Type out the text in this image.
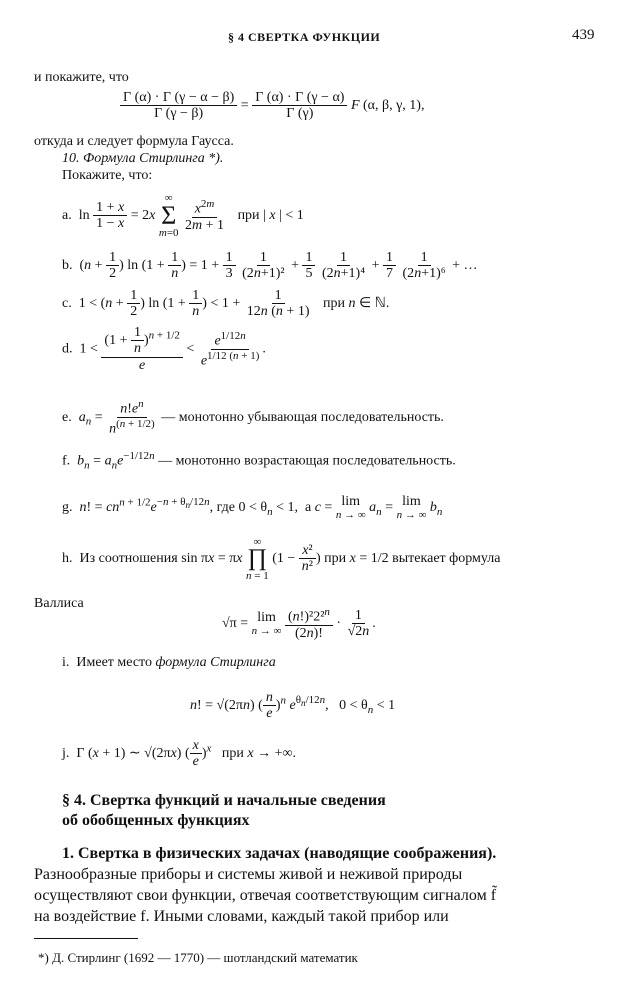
§ 4 СВЕРТКА ФУНКЦИИ	439
и покажите, что
$\frac{\Gamma (\alpha) \cdot \Gamma (\gamma - \alpha - \beta)}{\Gamma (\gamma - \beta)} = \frac{\Gamma (\alpha) \cdot \Gamma (\gamma - \alpha)}{\Gamma (\gamma)}$ F (α, β, γ, 1),
откуда и следует формула Гаусса.
10. Формула Стирлинга *).
Покажите, что:
a.  $\ln \frac{1 + x}{1 - x} = 2x$
∞
Σ
m=0
$\frac{x^{2m}}{2m + 1}$ при | x | < 1
b.  ($n + \frac{1}{2}$ ) $\ln (1 + \frac{1}{n}$ ) = $1 + \frac{1}{3}$
$\frac{1}{\text{(2n+1)²}} + \frac{1}{5}$
$\frac{1}{\text{(2n+1)⁴}} + \frac{1}{7}$
$\frac{1}{\text{(2n+1)⁶}}$ + …
c.  $1 < (n + \frac{1}{2}$ ) $\ln (1 + \frac{1}{n}$ ) < $1 + \frac{1}{12n (n + 1)}$ при n ∈ ℕ.
d.  $1 < \frac{(1 + \frac{1}{n} )^{n + 1/2}}{e} < \frac{e^{1/12n}}{e^{1/12 (n + 1)}}$ .
e.  $a_n = \frac{n!e^n}{n^{(n + 1/2)}}$ — монотонно убывающая последовательность.
f.  $b_n = a_ne^{-1/12n}$ — монотонно возрастающая последовательность.
g.  n! = $cn^{n + 1/2}e^{-n + \theta_n/12n}$, где $0 < \theta_n < 1$,  а c = lim
n → ∞
$a_n = \lim$
n → ∞
$b_n$
h.  Из соотношения sin πx = πx
∞
∏
n = 1
($1 - \frac{\text{x²}}{\text{n²}}$ ) при x = 1/2 вытекает формула
Валлиса
√π = lim
n → ∞
$\frac{(n!)^22^2^n}{(2n)!} \cdot \frac{1}{√2n}$ .
i.  Имеет место формула Стирлинга
n! = √(2πn) ( $\frac{n}{e} )^n$ $e^{\theta_n/12n}$,   $0 < \theta_n < 1$
j.  Γ (x + 1) ∼ √(2πx) ( $\frac{x}{e} )^x$   при x → +∞.
§ 4. Свертка функций и начальные сведения
об обобщенных функциях
1. Свертка в физических задачах (наводящие соображения).
Разнообразные приборы и системы живой и неживой природы
осуществляют свои функции, отвечая соответствующим сигналом f̃
на воздействие f. Иными словами, каждый такой прибор или
*) Д. Стирлинг (1692 — 1770) — шотландский математик
